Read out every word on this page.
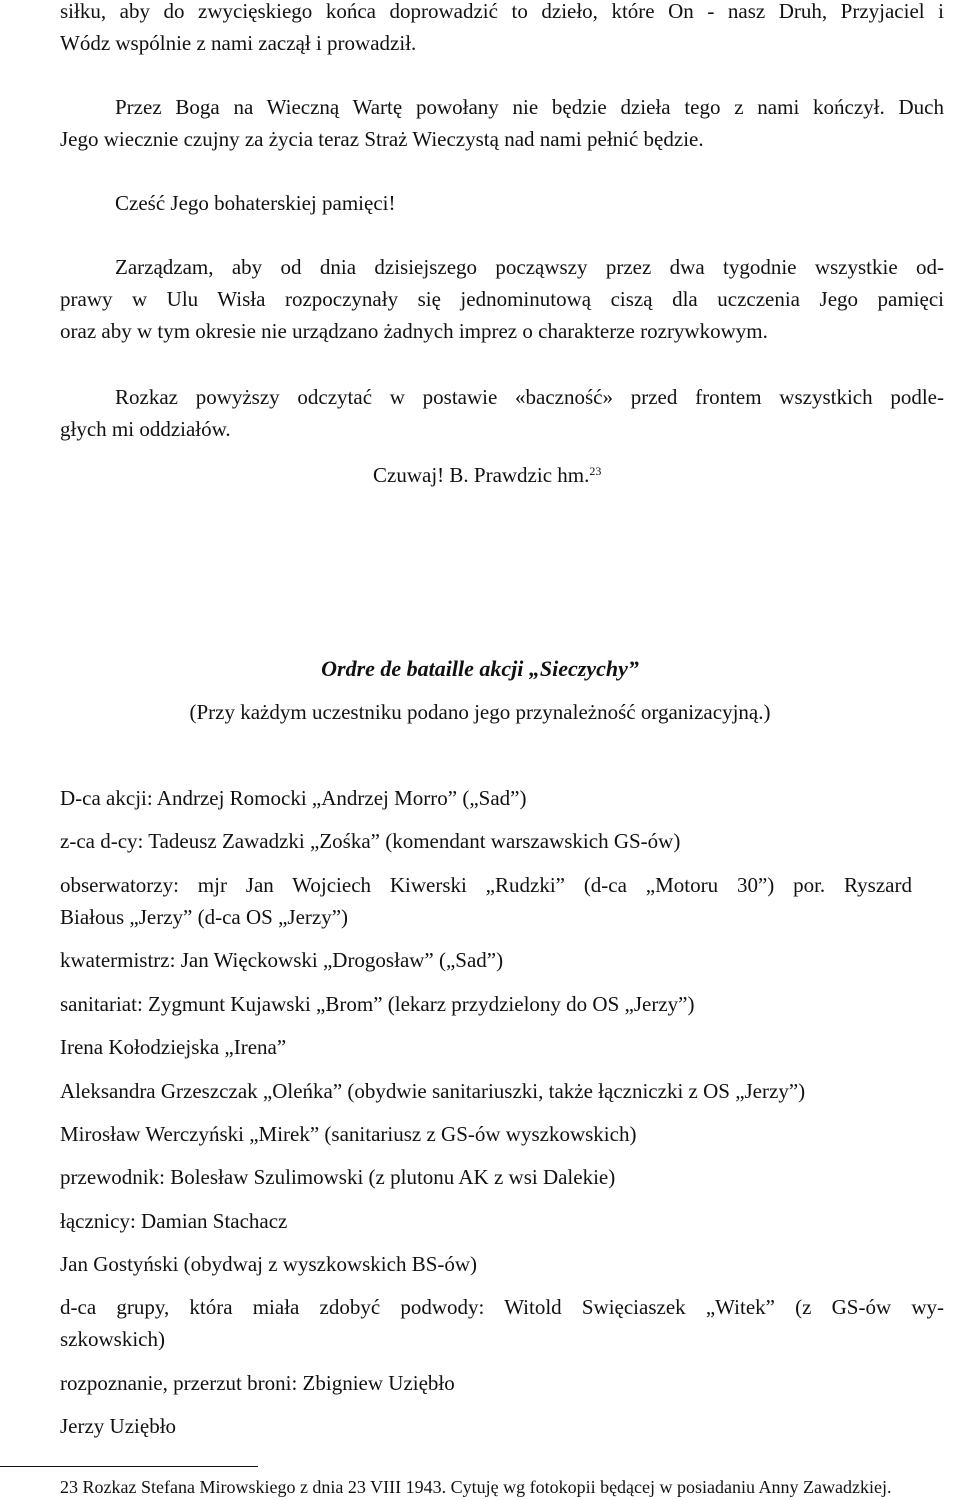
siłku, aby do zwycięskiego końca doprowadzić to dzieło, które On - nasz Druh, Przyjaciel i
Wódz wspólnie z nami zaczął i prowadził.
Przez Boga na Wieczną Wartę powołany nie będzie dzieła tego z nami kończył. Duch
Jego wiecznie czujny za życia teraz Straż Wieczystą nad nami pełnić będzie.
Cześć Jego bohaterskiej pamięci!
Zarządzam, aby od dnia dzisiejszego począwszy przez dwa tygodnie wszystkie od-
prawy w Ulu Wisła rozpoczynały się jednominutową ciszą dla uczczenia Jego pamięci
oraz aby w tym okresie nie urządzano żadnych imprez o charakterze rozrywkowym.
Rozkaz powyższy odczytać w postawie «baczność» przed frontem wszystkich podle-
głych mi oddziałów.
Czuwaj! B. Prawdzic hm.$^{23}$
Ordre de bataille akcji „Sieczychy”
(Przy każdym uczestniku podano jego przynależność organizacyjną.)
D-ca akcji: Andrzej Romocki „Andrzej Morro” („Sad”)
z-ca d-cy: Tadeusz Zawadzki „Zośka” (komendant warszawskich GS-ów)
obserwatorzy: mjr Jan Wojciech Kiwerski „Rudzki” (d-ca „Motoru 30”) por. Ryszard
Białous „Jerzy” (d-ca OS „Jerzy”)
kwatermistrz: Jan Więckowski „Drogosław” („Sad”)
sanitariat: Zygmunt Kujawski „Brom” (lekarz przydzielony do OS „Jerzy”)
Irena Kołodziejska „Irena”
Aleksandra Grzeszczak „Oleńka” (obydwie sanitariuszki, także łączniczki z OS „Jerzy”)
Mirosław Werczyński „Mirek” (sanitariusz z GS-ów wyszkowskich)
przewodnik: Bolesław Szulimowski (z plutonu AK z wsi Dalekie)
łącznicy: Damian Stachacz
Jan Gostyński (obydwaj z wyszkowskich BS-ów)
d-ca grupy, która miała zdobyć podwody: Witold Swięciaszek „Witek” (z GS-ów wy-
szkowskich)
rozpoznanie, przerzut broni: Zbigniew Uziębło
Jerzy Uziębło
23 Rozkaz Stefana Mirowskiego z dnia 23 VIII 1943. Cytuję wg fotokopii będącej w posiadaniu Anny Zawadzkiej.
